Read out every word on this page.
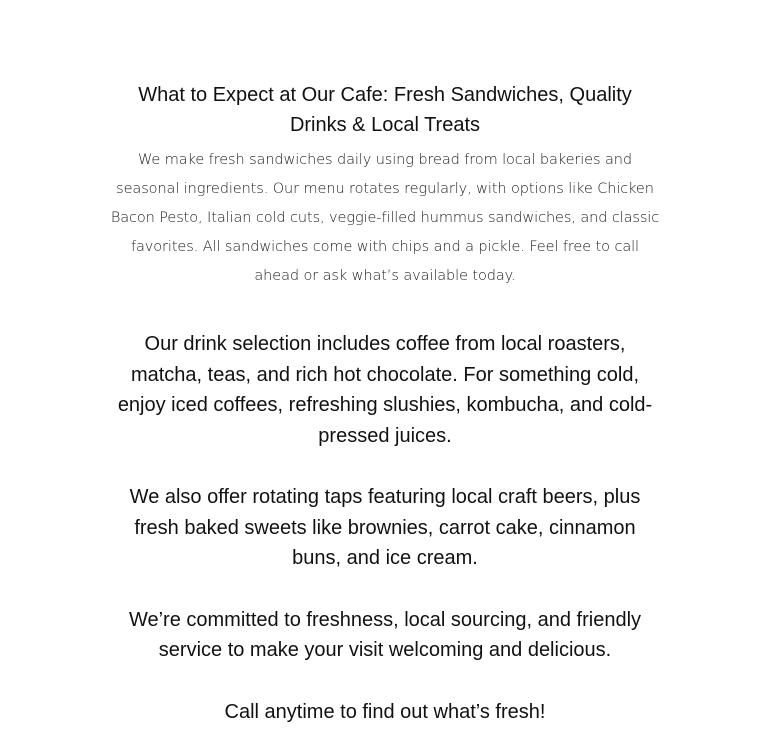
What to Expect at Our Cafe: Fresh Sandwiches, Quality Drinks & Local Treats

We make fresh sandwiches daily using bread from local bakeries and seasonal ingredients. Our menu rotates regularly, with options like Chicken Bacon Pesto, Italian cold cuts, veggie-filled hummus sandwiches, and classic favorites. All sandwiches come with chips and a pickle. Feel free to call ahead or ask what’s available today.

Our drink selection includes coffee from local roasters, matcha, teas, and rich hot chocolate. For something cold, enjoy iced coffees, refreshing slushies, kombucha, and cold-pressed juices.

We also offer rotating taps featuring local craft beers, plus fresh baked sweets like brownies, carrot cake, cinnamon buns, and ice cream.

We’re committed to freshness, local sourcing, and friendly service to make your visit welcoming and delicious.

Call anytime to find out what’s fresh!
